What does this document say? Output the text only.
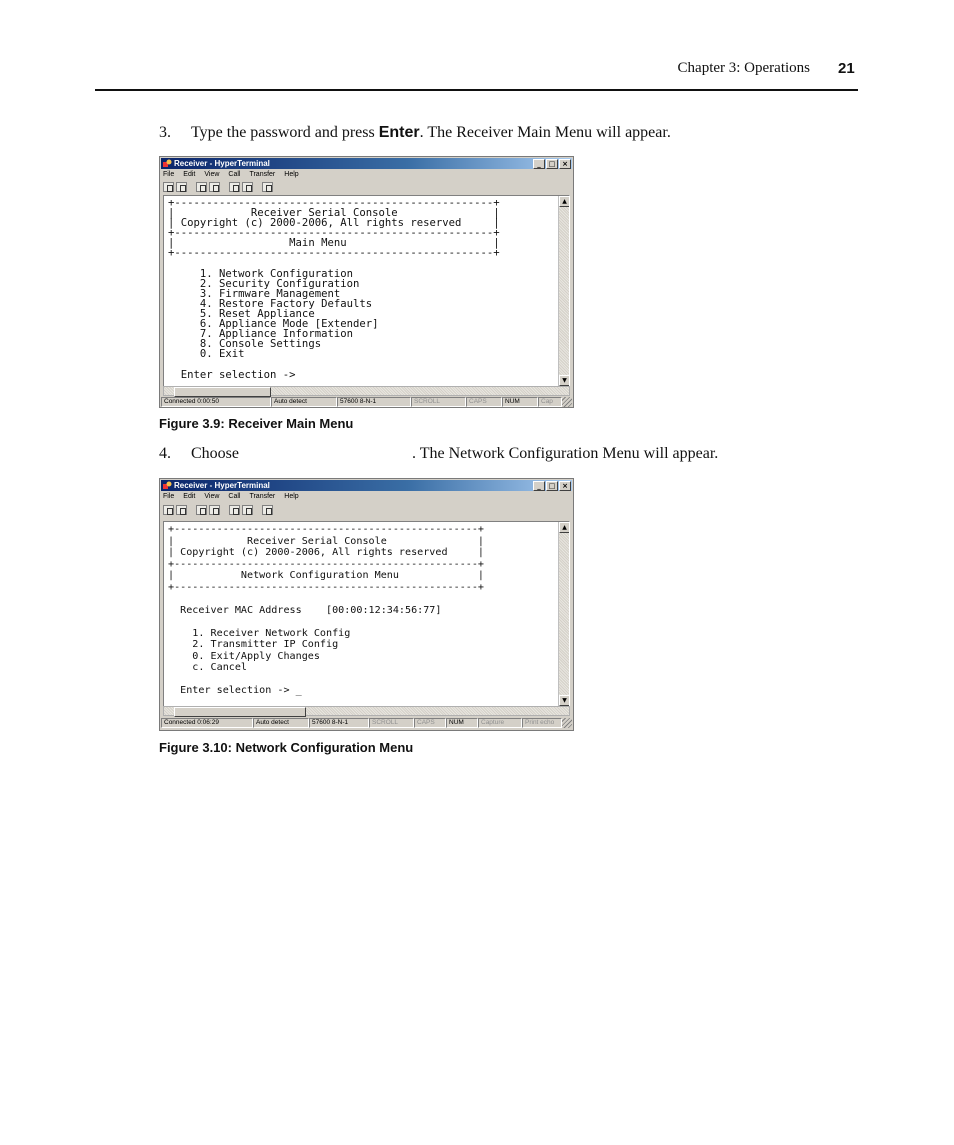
Chapter 3: Operations 21
3. Type the password and press Enter. The Receiver Main Menu will appear.
Receiver - HyperTerminal	_	□ ×
File Edit View Call Transfer Help
+--------------------------------------------------+
|            Receiver Serial Console               |
| Copyright (c) 2000-2006, All rights reserved     |
+--------------------------------------------------+
|                  Main Menu                       |
+--------------------------------------------------+

1. Network Configuration
2. Security Configuration
3. Firmware Management
4. Restore Factory Defaults
5. Reset Appliance
6. Appliance Mode [Extender]
7. Appliance Information
8. Console Settings
0. Exit

Enter selection ->
▲
▼
Connected 0:00:50	Auto detect	57600 8-N-1	SCROLL	CAPS	NUM	Cap
Figure 3.9: Receiver Main Menu
4. Choose	. The Network Configuration Menu will appear.
Receiver - HyperTerminal	_	□ ×
File Edit View Call Transfer Help
+--------------------------------------------------+
|            Receiver Serial Console               |
| Copyright (c) 2000-2006, All rights reserved     |
+--------------------------------------------------+
|           Network Configuration Menu             |
+--------------------------------------------------+

Receiver MAC Address    [00:00:12:34:56:77]

1. Receiver Network Config
2. Transmitter IP Config
0. Exit/Apply Changes
c. Cancel

Enter selection -> _
▲
▼
Connected 0:06:29	Auto detect	57600 8-N-1	SCROLL	CAPS	NUM	Capture	Print echo
Figure 3.10: Network Configuration Menu
